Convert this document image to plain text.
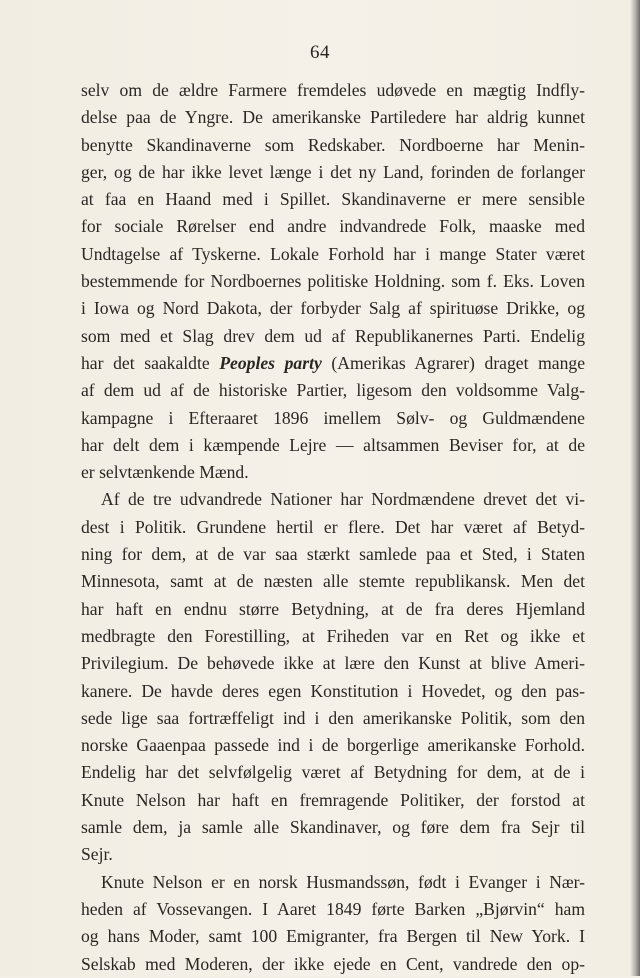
64
selv om de ældre Farmere fremdeles udøvede en mægtig Indfly-
delse paa de Yngre. De amerikanske Partiledere har aldrig kunnet
benytte Skandinaverne som Redskaber. Nordboerne har Menin-
ger, og de har ikke levet længe i det ny Land, forinden de forlanger
at faa en Haand med i Spillet. Skandinaverne er mere sensible
for sociale Rørelser end andre indvandrede Folk, maaske med
Undtagelse af Tyskerne. Lokale Forhold har i mange Stater været
bestemmende for Nordboernes politiske Holdning. som f. Eks. Loven
i Iowa og Nord Dakota, der forbyder Salg af spirituøse Drikke, og
som med et Slag drev dem ud af Republikanernes Parti. Endelig
har det saakaldte Peoples party (Amerikas Agrarer) draget mange
af dem ud af de historiske Partier, ligesom den voldsomme Valg-
kampagne i Efteraaret 1896 imellem Sølv- og Guldmændene
har delt dem i kæmpende Lejre — altsammen Beviser for, at de
er selvtænkende Mænd.
Af de tre udvandrede Nationer har Nordmændene drevet det vi-
dest i Politik. Grundene hertil er flere. Det har været af Betyd-
ning for dem, at de var saa stærkt samlede paa et Sted, i Staten
Minnesota, samt at de næsten alle stemte republikansk. Men det
har haft en endnu større Betydning, at de fra deres Hjemland
medbragte den Forestilling, at Friheden var en Ret og ikke et
Privilegium. De behøvede ikke at lære den Kunst at blive Ameri-
kanere. De havde deres egen Konstitution i Hovedet, og den pas-
sede lige saa fortræffeligt ind i den amerikanske Politik, som den
norske Gaaenpaa passede ind i de borgerlige amerikanske Forhold.
Endelig har det selvfølgelig været af Betydning for dem, at de i
Knute Nelson har haft en fremragende Politiker, der forstod at
samle dem, ja samle alle Skandinaver, og føre dem fra Sejr til
Sejr.
Knute Nelson er en norsk Husmandssøn, født i Evanger i Nær-
heden af Vossevangen. I Aaret 1849 førte Barken „Bjørvin“ ham
og hans Moder, samt 100 Emigranter, fra Bergen til New York. I
Selskab med Moderen, der ikke ejede en Cent, vandrede den op-
